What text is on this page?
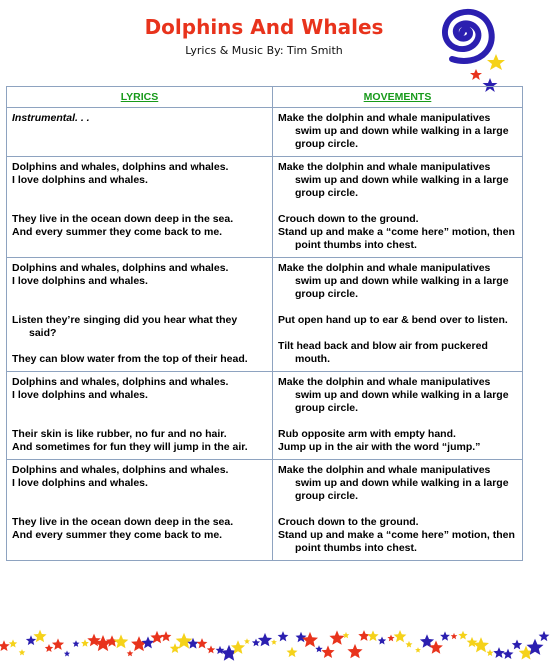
Dolphins And Whales
Lyrics & Music By: Tim Smith
LYRICS	MOVEMENTS

Instrumental. . .	Make the dolphin and whale manipulatives swim up and down while walking in a large group circle.

Dolphins and whales, dolphins and whales.
I love dolphins and whales.
They live in the ocean down deep in the sea.
And every summer they come back to me.	Make the dolphin and whale manipulatives swim up and down while walking in a large group circle.
Crouch down to the ground.
Stand up and make a “come here” motion, then point thumbs into chest.

Dolphins and whales, dolphins and whales.
I love dolphins and whales.
Listen they’re singing did you hear what they said?
They can blow water from the top of their head.	Make the dolphin and whale manipulatives swim up and down while walking in a large group circle.
Put open hand up to ear & bend over to listen.
Tilt head back and blow air from puckered mouth.

Dolphins and whales, dolphins and whales.
I love dolphins and whales.
Their skin is like rubber, no fur and no hair.
And sometimes for fun they will jump in the air.	Make the dolphin and whale manipulatives swim up and down while walking in a large group circle.
Rub opposite arm with empty hand.
Jump up in the air with the word “jump.”

Dolphins and whales, dolphins and whales.
I love dolphins and whales.
They live in the ocean down deep in the sea.
And every summer they come back to me.	Make the dolphin and whale manipulatives swim up and down while walking in a large group circle.
Crouch down to the ground.
Stand up and make a “come here” motion, then point thumbs into chest.
